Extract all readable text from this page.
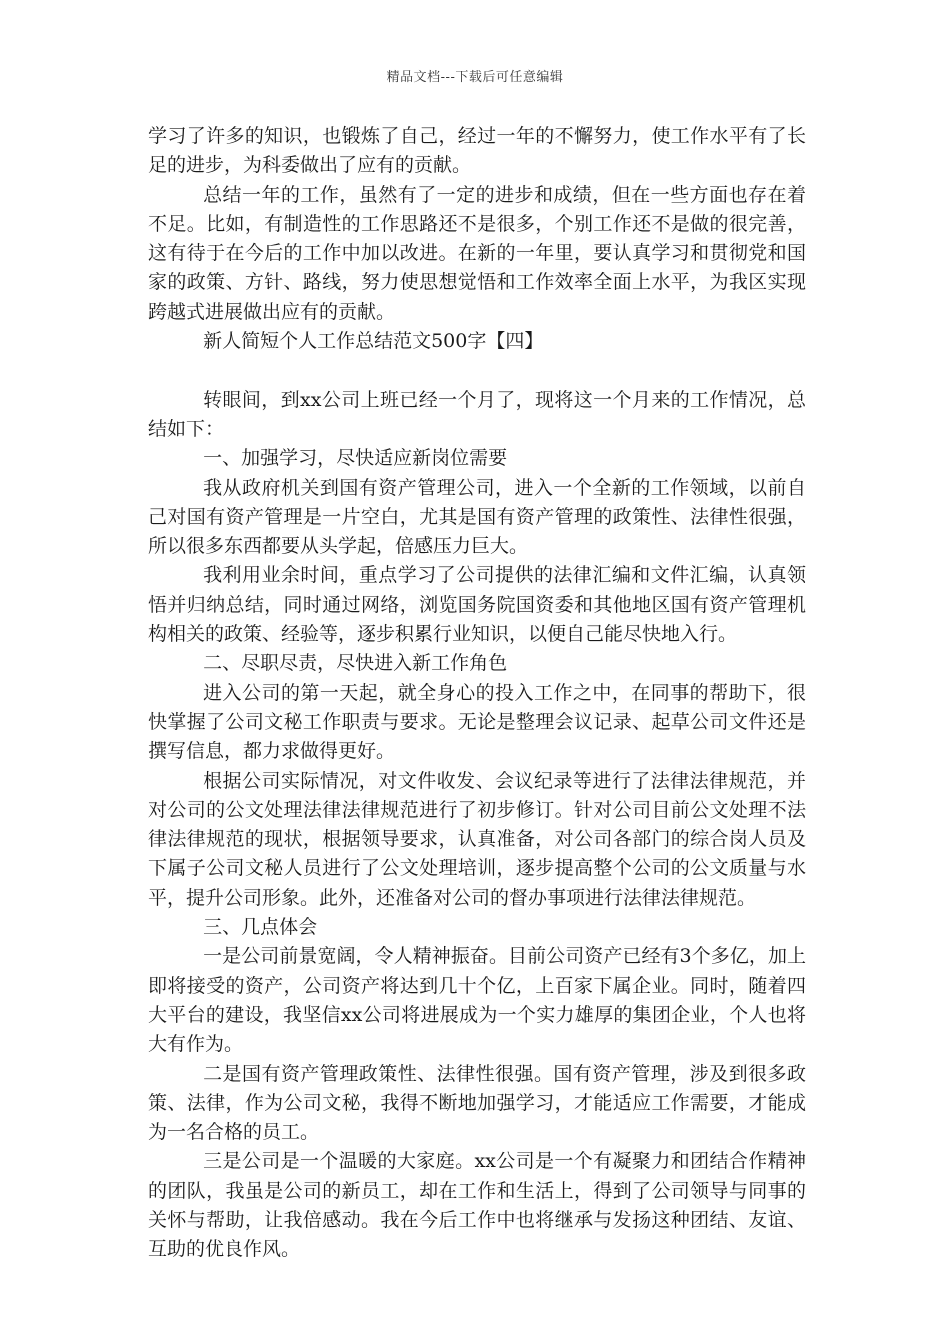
精品文档---下载后可任意编辑

学习了许多的知识，也锻炼了自己，经过一年的不懈努力，使工作水平有了长足的进步，为科委做出了应有的贡献。

总结一年的工作，虽然有了一定的进步和成绩，但在一些方面也存在着不足。比如，有制造性的工作思路还不是很多，个别工作还不是做的很完善，这有待于在今后的工作中加以改进。在新的一年里，要认真学习和贯彻党和国家的政策、方针、路线，努力使思想觉悟和工作效率全面上水平，为我区实现跨越式进展做出应有的贡献。

新人简短个人工作总结范文500字【四】

转眼间，到xx公司上班已经一个月了，现将这一个月来的工作情况，总结如下：

一、加强学习，尽快适应新岗位需要

我从政府机关到国有资产管理公司，进入一个全新的工作领域，以前自己对国有资产管理是一片空白，尤其是国有资产管理的政策性、法律性很强，所以很多东西都要从头学起，倍感压力巨大。

我利用业余时间，重点学习了公司提供的法律汇编和文件汇编，认真领悟并归纳总结，同时通过网络，浏览国务院国资委和其他地区国有资产管理机构相关的政策、经验等，逐步积累行业知识，以便自己能尽快地入行。

二、尽职尽责，尽快进入新工作角色

进入公司的第一天起，就全身心的投入工作之中，在同事的帮助下，很快掌握了公司文秘工作职责与要求。无论是整理会议记录、起草公司文件还是撰写信息，都力求做得更好。

根据公司实际情况，对文件收发、会议纪录等进行了法律法律规范，并对公司的公文处理法律法律规范进行了初步修订。针对公司目前公文处理不法律法律规范的现状，根据领导要求，认真准备，对公司各部门的综合岗人员及下属子公司文秘人员进行了公文处理培训，逐步提高整个公司的公文质量与水平，提升公司形象。此外，还准备对公司的督办事项进行法律法律规范。

三、几点体会

一是公司前景宽阔，令人精神振奋。目前公司资产已经有3个多亿，加上即将接受的资产，公司资产将达到几十个亿，上百家下属企业。同时，随着四大平台的建设，我坚信xx公司将进展成为一个实力雄厚的集团企业，个人也将大有作为。

二是国有资产管理政策性、法律性很强。国有资产管理，涉及到很多政策、法律，作为公司文秘，我得不断地加强学习，才能适应工作需要，才能成为一名合格的员工。

三是公司是一个温暖的大家庭。xx公司是一个有凝聚力和团结合作精神的团队，我虽是公司的新员工，却在工作和生活上，得到了公司领导与同事的关怀与帮助，让我倍感动。我在今后工作中也将继承与发扬这种团结、友谊、互助的优良作风。
